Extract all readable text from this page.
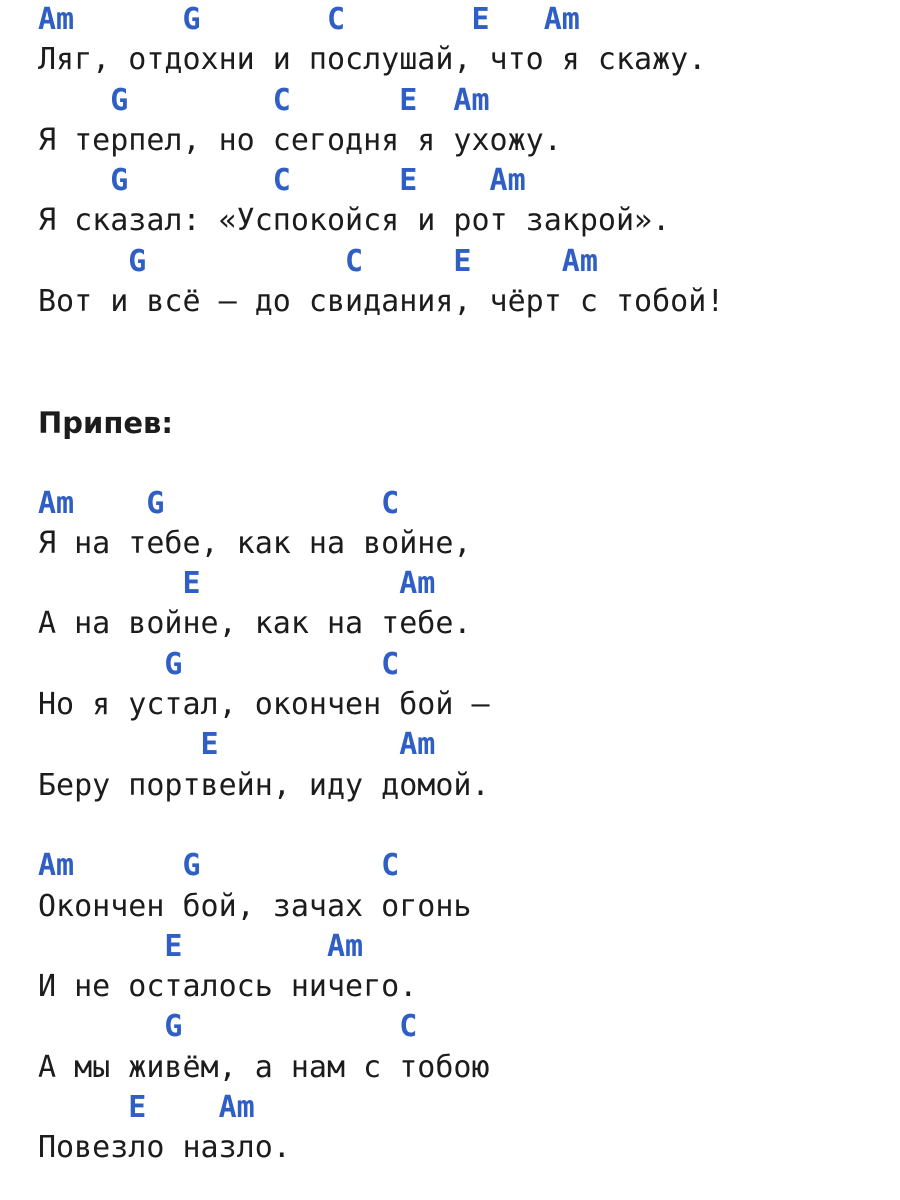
Am      G       C       E   Am
Ляг, отдохни и послушай, что я скажу.
G        C      E  Am
Я терпел, но сегодня я ухожу.
G        C      E    Am
Я сказал: «Успокойся и рот закрой».
G           C     E     Am
Вот и всё — до свидания, чёрт с тобой!
Припев:
Am    G            C
Я на тебе, как на войне,
E           Am
А на войне, как на тебе.
G           C
Но я устал, окончен бой —
E          Am
Беру портвейн, иду домой.
Am      G          C
Окончен бой, зачах огонь
E        Am
И не осталось ничего.
G            C
А мы живём, а нам с тобою
E    Am
Повезло назло.
